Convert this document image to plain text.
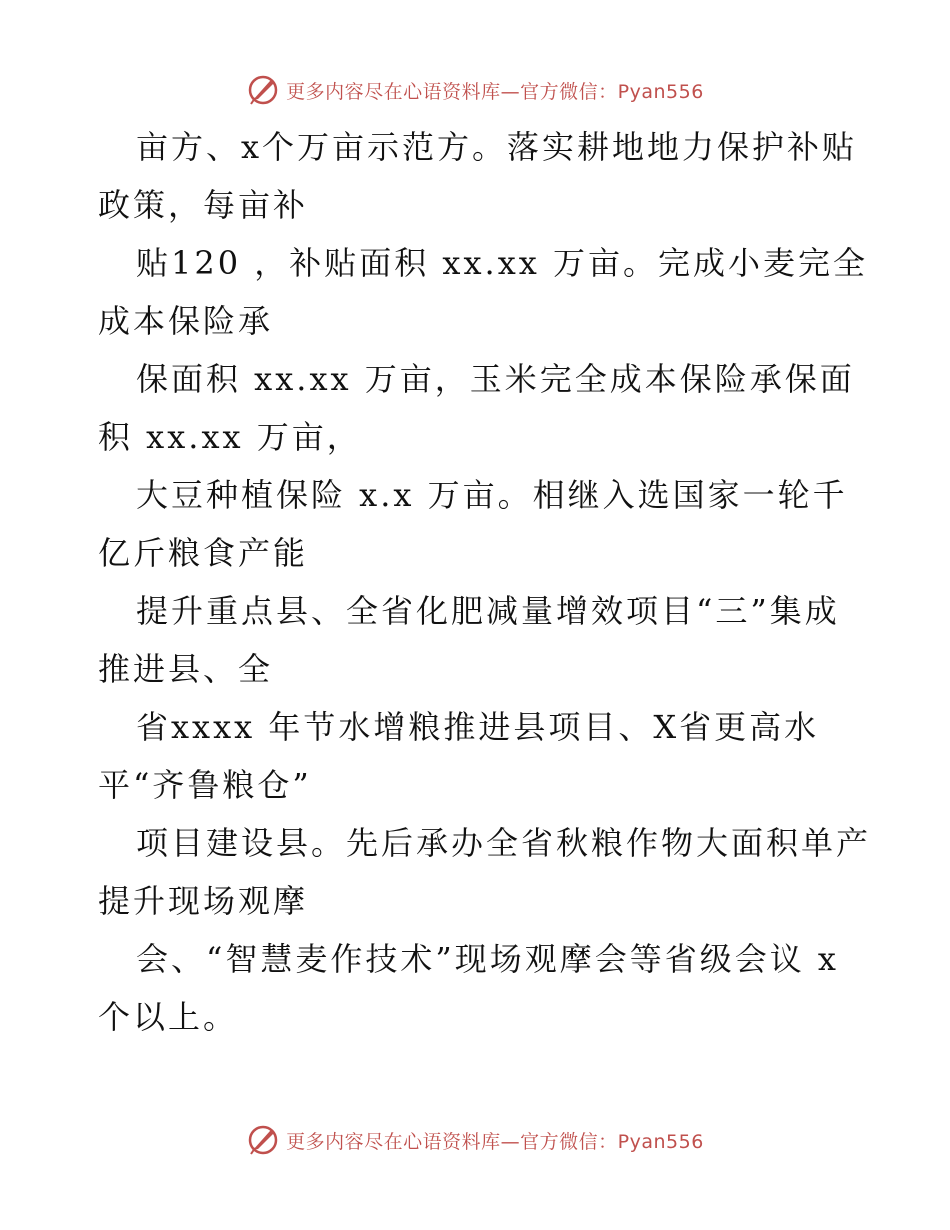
更多内容尽在心语资料库—官方微信：Pyan556
亩方、x个万亩示范方。落实耕地地力保护补贴
政策，每亩补
贴120 ，补贴面积 xx.xx 万亩。完成小麦完全
成本保险承
保面积 xx.xx 万亩，玉米完全成本保险承保面
积 xx.xx 万亩，
大豆种植保险 x.x 万亩。相继入选国家一轮千
亿斤粮食产能
提升重点县、全省化肥减量增效项目“三”集成
推进县、全
省xxxx 年节水增粮推进县项目、X省更高水
平“齐鲁粮仓”
项目建设县。先后承办全省秋粮作物大面积单产
提升现场观摩
会、“智慧麦作技术”现场观摩会等省级会议 x
个以上。
更多内容尽在心语资料库—官方微信：Pyan556
